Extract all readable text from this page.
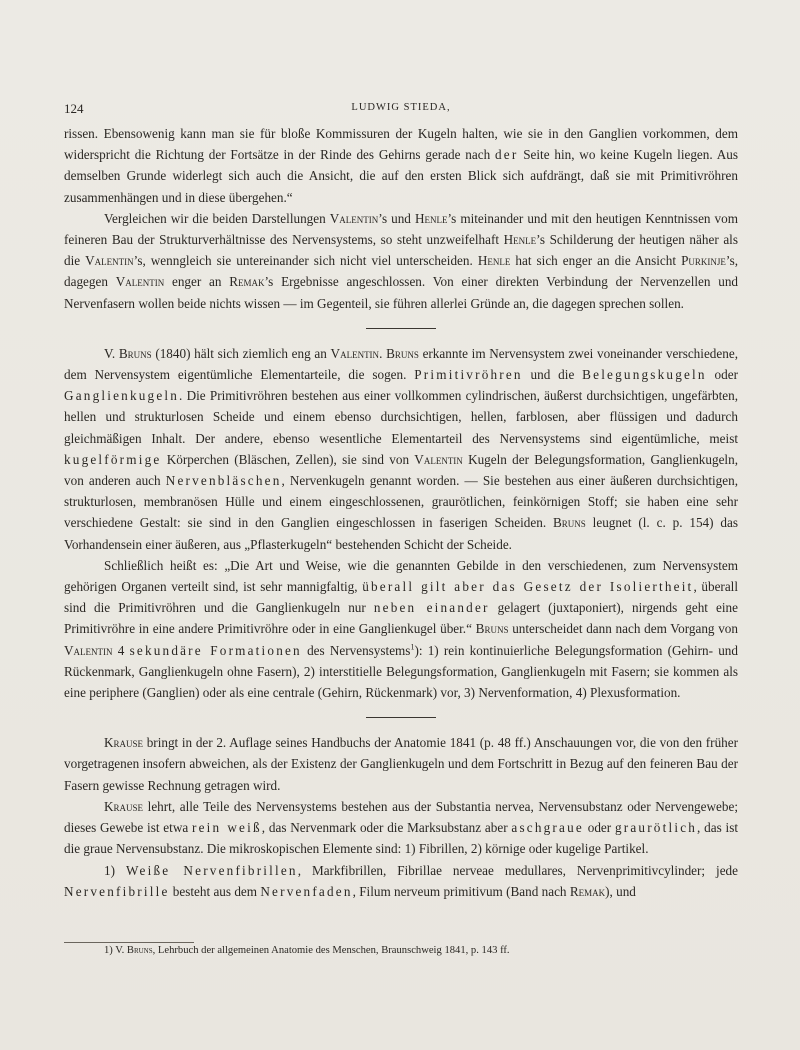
124	LUDWIG STIEDA,

rissen. Ebensowenig kann man sie für bloße Kommissuren der Kugeln halten, wie sie in den Ganglien vorkommen, dem widerspricht die Richtung der Fortsätze in der Rinde des Gehirns gerade nach der Seite hin, wo keine Kugeln liegen. Aus demselben Grunde widerlegt sich auch die Ansicht, die auf den ersten Blick sich aufdrängt, daß sie mit Primitivröhren zusammenhängen und in diese übergehen.“

Vergleichen wir die beiden Darstellungen Valentin’s und Henle’s miteinander und mit den heutigen Kenntnissen vom feineren Bau der Strukturverhältnisse des Nervensystems, so steht unzweifelhaft Henle’s Schilderung der heutigen näher als die Valentin’s, wenngleich sie untereinander sich nicht viel unterscheiden. Henle hat sich enger an die Ansicht Purkinje’s, dagegen Valentin enger an Remak’s Ergebnisse angeschlossen. Von einer direkten Verbindung der Nervenzellen und Nervenfasern wollen beide nichts wissen — im Gegenteil, sie führen allerlei Gründe an, die dagegen sprechen sollen.

V. Bruns (1840) hält sich ziemlich eng an Valentin. Bruns erkannte im Nervensystem zwei voneinander verschiedene, dem Nervensystem eigentümliche Elementarteile, die sogen. Primitivröhren und die Belegungskugeln oder Ganglienkugeln. Die Primitivröhren bestehen aus einer vollkommen cylindrischen, äußerst durchsichtigen, ungefärbten, hellen und strukturlosen Scheide und einem ebenso durchsichtigen, hellen, farblosen, aber flüssigen und dadurch gleichmäßigen Inhalt. Der andere, ebenso wesentliche Elementarteil des Nervensystems sind eigentümliche, meist kugelförmige Körperchen (Bläschen, Zellen), sie sind von Valentin Kugeln der Belegungsformation, Ganglienkugeln, von anderen auch Nervenbläschen, Nervenkugeln genannt worden. — Sie bestehen aus einer äußeren durchsichtigen, strukturlosen, membranösen Hülle und einem eingeschlossenen, graurötlichen, feinkörnigen Stoff; sie haben eine sehr verschiedene Gestalt: sie sind in den Ganglien eingeschlossen in faserigen Scheiden. Bruns leugnet (l. c. p. 154) das Vorhandensein einer äußeren, aus „Pflasterkugeln“ bestehenden Schicht der Scheide.

Schließlich heißt es: „Die Art und Weise, wie die genannten Gebilde in den verschiedenen, zum Nervensystem gehörigen Organen verteilt sind, ist sehr mannigfaltig, überall gilt aber das Gesetz der Isoliertheit, überall sind die Primitivröhren und die Ganglienkugeln nur neben einander gelagert (juxtaponiert), nirgends geht eine Primitivröhre in eine andere Primitivröhre oder in eine Ganglienkugel über.“ Bruns unterscheidet dann nach dem Vorgang von Valentin 4 sekundäre Formationen des Nervensystems$^1$): 1) rein kontinuierliche Belegungsformation (Gehirn- und Rückenmark, Ganglienkugeln ohne Fasern), 2) interstitielle Belegungsformation, Ganglienkugeln mit Fasern; sie kommen als eine periphere (Ganglien) oder als eine centrale (Gehirn, Rückenmark) vor, 3) Nervenformation, 4) Plexusformation.

Krause bringt in der 2. Auflage seines Handbuchs der Anatomie 1841 (p. 48 ff.) Anschauungen vor, die von den früher vorgetragenen insofern abweichen, als der Existenz der Ganglienkugeln und dem Fortschritt in Bezug auf den feineren Bau der Fasern gewisse Rechnung getragen wird.

Krause lehrt, alle Teile des Nervensystems bestehen aus der Substantia nervea, Nervensubstanz oder Nervengewebe; dieses Gewebe ist etwa rein weiß, das Nervenmark oder die Marksubstanz aber aschgraue oder graurötlich, das ist die graue Nervensubstanz. Die mikroskopischen Elemente sind: 1) Fibrillen, 2) körnige oder kugelige Partikel.

1) Weiße Nervenfibrillen, Markfibrillen, Fibrillae nerveae medullares, Nervenprimitivcylinder; jede Nervenfibrille besteht aus dem Nervenfaden, Filum nerveum primitivum (Band nach Remak), und

1) V. Bruns, Lehrbuch der allgemeinen Anatomie des Menschen, Braunschweig 1841, p. 143 ff.
